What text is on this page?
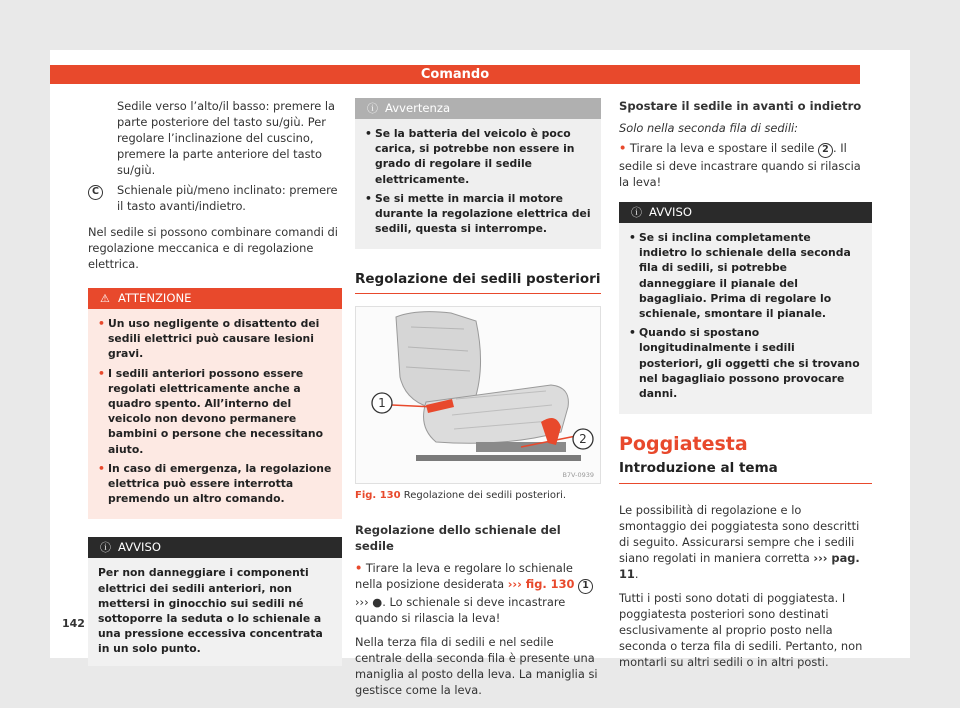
Comando
Sedile verso l’alto/il basso: premere la parte posteriore del tasto su/giù. Per regolare l’inclinazione del cuscino, premere la parte anteriore del tasto su/giù.
C	Schienale più/meno inclinato: premere il tasto avanti/indietro.

Nel sedile si possono combinare comandi di regolazione meccanica e di regolazione elettrica.

⚠ ATTENZIONE
• Un uso negligente o disattento dei sedili elettrici può causare lesioni gravi.
• I sedili anteriori possono essere regolati elettricamente anche a quadro spento. All’interno del veicolo non devono permanere bambini o persone che necessitano aiuto.
• In caso di emergenza, la regolazione elettrica può essere interrotta premendo un altro comando.
ⓘ AVVISO
Per non danneggiare i componenti elettrici dei sedili anteriori, non mettersi in ginocchio sui sedili né sottoporre la seduta o lo schienale a una pressione eccessiva concentrata in un solo punto.
ⓘ Avvertenza
• Se la batteria del veicolo è poco carica, si potrebbe non essere in grado di regolare il sedile elettricamente.
• Se si mette in marcia il motore durante la regolazione elettrica dei sedili, questa si interrompe.
Regolazione dei sedili posteriori
1
2
B7V-0939
Fig. 130 Regolazione dei sedili posteriori.
Regolazione dello schienale del sedile

• Tirare la leva e regolare lo schienale nella posizione desiderata ››› fig. 130 1 ››› ●. Lo schienale si deve incastrare quando si rilascia la leva!

Nella terza fila di sedili e nel sedile centrale della seconda fila è presente una maniglia al posto della leva. La maniglia si gestisce come la leva.

Spostare il sedile in avanti o indietro

Solo nella seconda fila di sedili:

• Tirare la leva e spostare il sedile 2 . Il sedile si deve incastrare quando si rilascia la leva!

ⓘ AVVISO
• Se si inclina completamente indietro lo schienale della seconda fila di sedili, si potrebbe danneggiare il pianale del bagagliaio. Prima di regolare lo schienale, smontare il pianale.
• Quando si spostano longitudinalmente i sedili posteriori, gli oggetti che si trovano nel bagagliaio possono provocare danni.
Poggiatesta
Introduzione al tema

Le possibilità di regolazione e lo smontaggio dei poggiatesta sono descritti di seguito. Assicurarsi sempre che i sedili siano regolati in maniera corretta ››› pag. 11.

Tutti i posti sono dotati di poggiatesta. I poggiatesta posteriori sono destinati esclusivamente al proprio posto nella seconda o terza fila di sedili. Pertanto, non montarli su altri sedili o in altri posti.

142
